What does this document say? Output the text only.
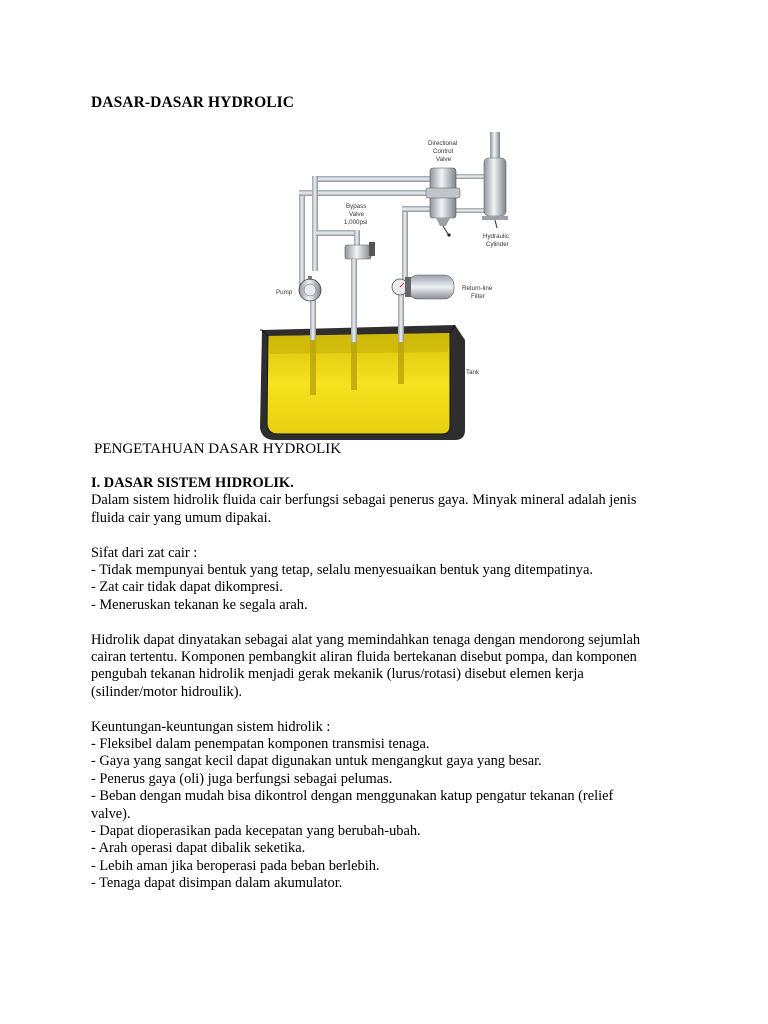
DASAR-DASAR HYDROLIC
Directional Control Valve
Bypass Valve 1,000psi
Hydraulic Cylinder
Pump
Return-line Filter
Tank
PENGETAHUAN DASAR HYDROLIK

I. DASAR SISTEM HIDROLIK.

Dalam sistem hidrolik fluida cair berfungsi sebagai penerus gaya. Minyak mineral adalah jenis

fluida cair yang umum dipakai.

Sifat dari zat cair :

- Tidak mempunyai bentuk yang tetap, selalu menyesuaikan bentuk yang ditempatinya.

- Zat cair tidak dapat dikompresi.

- Meneruskan tekanan ke segala arah.

Hidrolik dapat dinyatakan sebagai alat yang memindahkan tenaga dengan mendorong sejumlah

cairan tertentu. Komponen pembangkit aliran fluida bertekanan disebut pompa, dan komponen

pengubah tekanan hidrolik menjadi gerak mekanik (lurus/rotasi) disebut elemen kerja

(silinder/motor hidroulik).

Keuntungan-keuntungan sistem hidrolik :

- Fleksibel dalam penempatan komponen transmisi tenaga.

- Gaya yang sangat kecil dapat digunakan untuk mengangkut gaya yang besar.

- Penerus gaya (oli) juga berfungsi sebagai pelumas.

- Beban dengan mudah bisa dikontrol dengan menggunakan katup pengatur tekanan (relief

valve).

- Dapat dioperasikan pada kecepatan yang berubah-ubah.

- Arah operasi dapat dibalik seketika.

- Lebih aman jika beroperasi pada beban berlebih.

- Tenaga dapat disimpan dalam akumulator.
